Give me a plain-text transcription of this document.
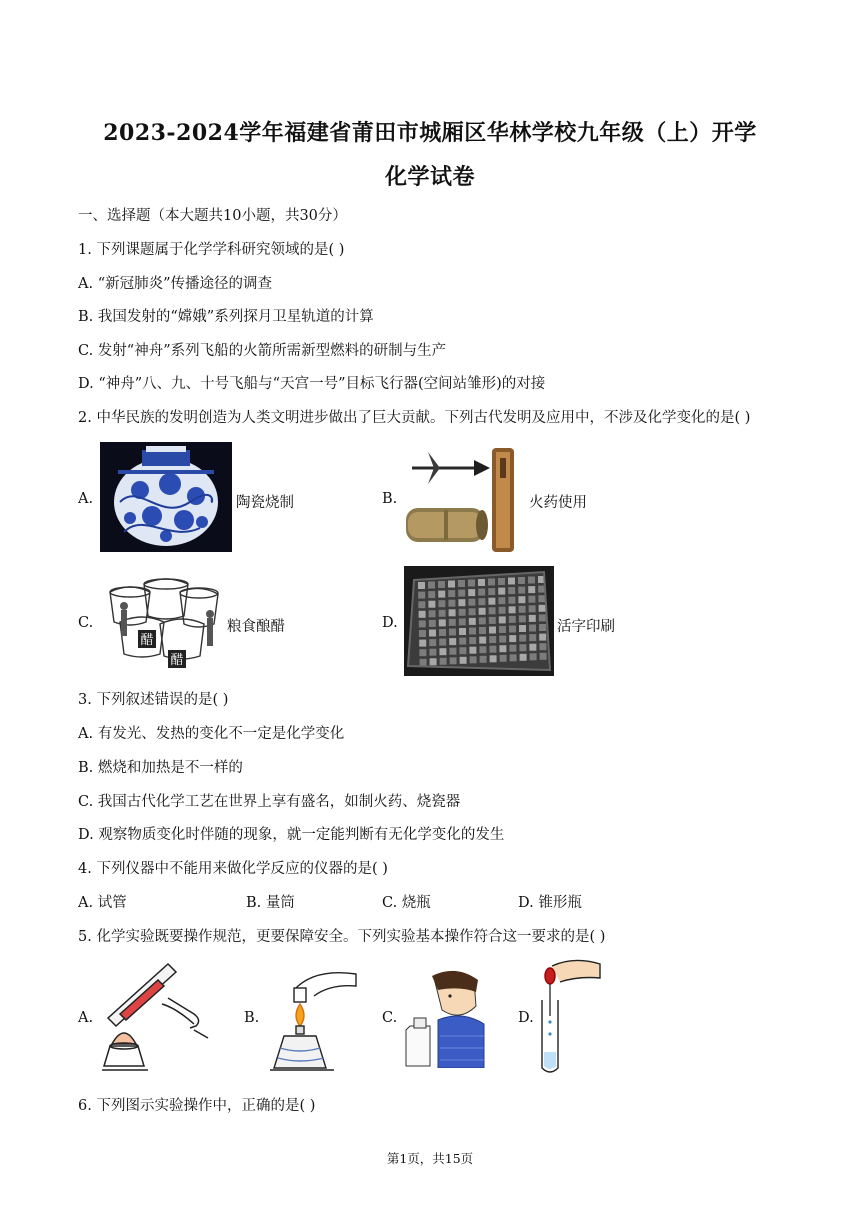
2023-2024学年福建省莆田市城厢区华林学校九年级（上）开学
化学试卷
一、选择题（本大题共10小题，共30分）
1. 下列课题属于化学学科研究领域的是( )
A. “新冠肺炎”传播途径的调查
B. 我国发射的“嫦娥”系列探月卫星轨道的计算
C. 发射“神舟”系列飞船的火箭所需新型燃料的研制与生产
D. “神舟”八、九、十号飞船与“天宫一号”目标飞行器(空间站雏形)的对接
2. 中华民族的发明创造为人类文明进步做出了巨大贡献。下列古代发明及应用中，不涉及化学变化的是( )
A.	陶瓷烧制	B.	火药使用
C.
醋
醋
粮食酿醋	D.	活字印刷
3. 下列叙述错误的是( )
A. 有发光、发热的变化不一定是化学变化
B. 燃烧和加热是不一样的
C. 我国古代化学工艺在世界上享有盛名，如制火药、烧瓷器
D. 观察物质变化时伴随的现象，就一定能判断有无化学变化的发生
4. 下列仪器中不能用来做化学反应的仪器的是( )
A. 试管	B. 量筒	C. 烧瓶	D. 锥形瓶
5. 化学实验既要操作规范，更要保障安全。下列实验基本操作符合这一要求的是( )
A.	B.	C.	D.
6. 下列图示实验操作中，正确的是( )
第1页，共15页
